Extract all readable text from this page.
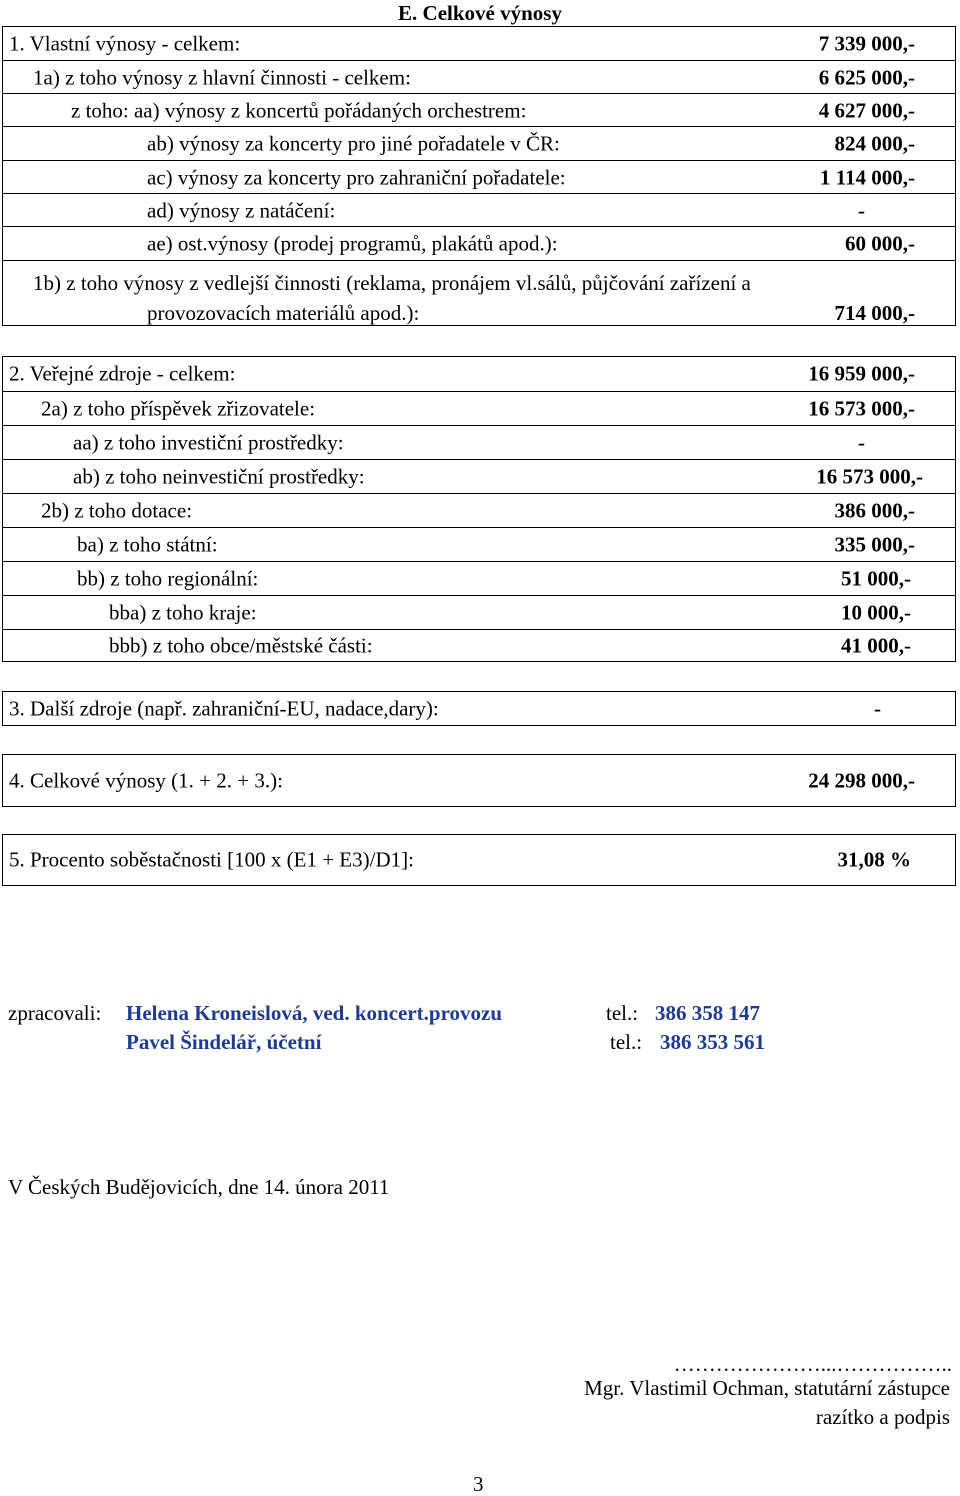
E. Celkové výnosy
1. Vlastní výnosy - celkem:	7 339 000,-
1a) z toho výnosy z hlavní činnosti - celkem:	6 625 000,-
z toho: aa) výnosy z koncertů pořádaných orchestrem:	4 627 000,-
ab) výnosy za koncerty pro jiné pořadatele v ČR:	824 000,-
ac) výnosy za koncerty pro zahraniční pořadatele:	1 114 000,-
ad) výnosy z natáčení:	-
ae) ost.výnosy (prodej programů, plakátů apod.):	60 000,-
1b) z toho výnosy z vedlejší činnosti (reklama, pronájem vl.sálů, půjčování zařízení a
provozovacích materiálů apod.):	714 000,-
2. Veřejné zdroje - celkem:	16 959 000,-
2a) z toho příspěvek zřizovatele:	16 573 000,-
aa) z toho investiční prostředky:	-
ab) z toho neinvestiční prostředky:	16 573 000,-
2b) z toho dotace:	386 000,-
ba) z toho státní:	335 000,-
bb) z toho regionální:	51 000,-
bba) z toho kraje:	10 000,-
bbb) z toho obce/městské části:	41 000,-
3. Další zdroje (např. zahraniční-EU, nadace,dary):	-
4. Celkové výnosy (1. + 2. + 3.):	24 298 000,-
5. Procento soběstačnosti [100 x (E1 + E3)/D1]:	31,08 %
zpracovali: Helena Kroneislová, ved. koncert.provozu	tel.: 386 358 147
Pavel Šindelář, účetní	tel.: 386 353 561
V Českých Budějovicích, dne 14. února 2011
…………………...……………..
Mgr. Vlastimil Ochman, statutární zástupce
razítko a podpis
3
